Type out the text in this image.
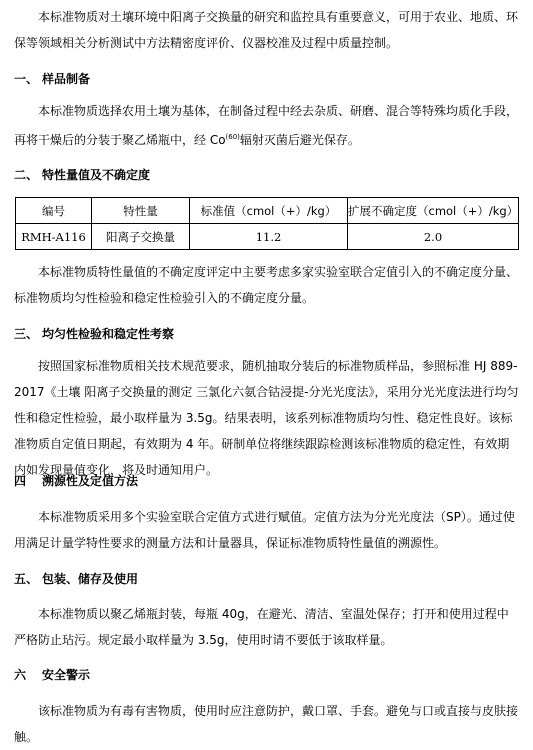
本标准物质对土壤环境中阳离子交换量的研究和监控具有重要意义，可用于农业、地质、环保等领域相关分析测试中方法精密度评价、仪器校准及过程中质量控制。

一、 样品制备

本标准物质选择农用土壤为基体，在制备过程中经去杂质、研磨、混合等特殊均质化手段，再将干燥后的分装于聚乙烯瓶中，经 Co$^{(60)}$辐射灭菌后避光保存。

二、 特性量值及不确定度
编号	特性量	标准值（cmol（+）/kg）	扩展不确定度（cmol（+）/kg）
RMH-A116	阳离子交换量	11.2	2.0

本标准物质特性量值的不确定度评定中主要考虑多家实验室联合定值引入的不确定度分量、标准物质均匀性检验和稳定性检验引入的不确定度分量。

三、 均匀性检验和稳定性考察

按照国家标准物质相关技术规范要求，随机抽取分装后的标准物质样品，参照标准 HJ 889-2017《土壤 阳离子交换量的测定 三氯化六氨合钴浸提-分光光度法》，采用分光光度法进行均匀性和稳定性检验，最小取样量为 3.5g。结果表明，该系列标准物质均匀性、稳定性良好。该标准物质自定值日期起，有效期为 4 年。研制单位将继续跟踪检测该标准物质的稳定性，有效期内如发现量值变化，将及时通知用户。

四 溯源性及定值方法

本标准物质采用多个实验室联合定值方式进行赋值。定值方法为分光光度法（SP）。通过使用满足计量学特性要求的测量方法和计量器具，保证标准物质特性量值的溯源性。

五、 包装、储存及使用

本标准物质以聚乙烯瓶封装，每瓶 40g，在避光、清洁、室温处保存；打开和使用过程中严格防止玷污。规定最小取样量为 3.5g，使用时请不要低于该取样量。

六 安全警示

该标准物质为有毒有害物质，使用时应注意防护，戴口罩、手套。避免与口或直接与皮肤接触。
